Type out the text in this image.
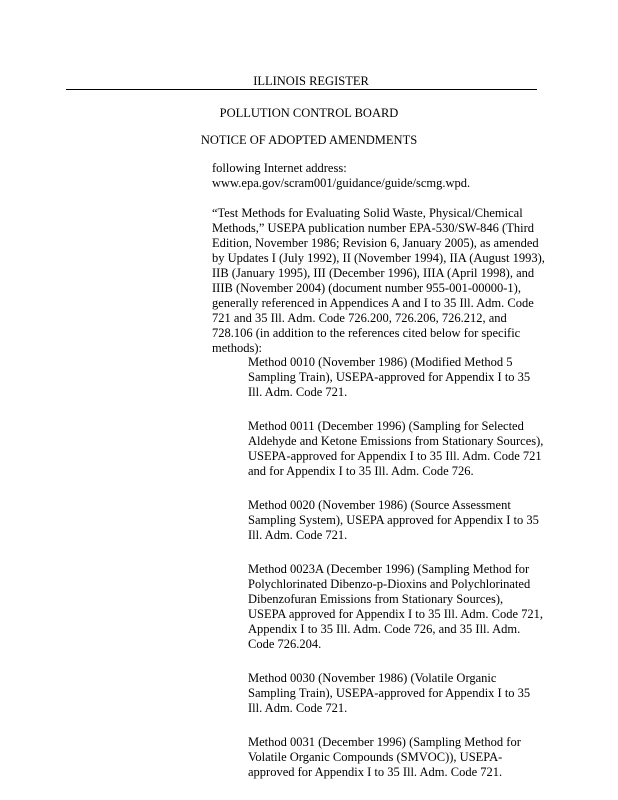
ILLINOIS REGISTER
POLLUTION CONTROL BOARD
NOTICE OF ADOPTED AMENDMENTS
following Internet address:
www.epa.gov/scram001/guidance/guide/scmg.wpd.
“Test Methods for Evaluating Solid Waste, Physical/Chemical
Methods,” USEPA publication number EPA-530/SW-846 (Third
Edition, November 1986; Revision 6, January 2005), as amended
by Updates I (July 1992), II (November 1994), IIA (August 1993),
IIB (January 1995), III (December 1996), IIIA (April 1998), and
IIIB (November 2004) (document number 955-001-00000-1),
generally referenced in Appendices A and I to 35 Ill. Adm. Code
721 and 35 Ill. Adm. Code 726.200, 726.206, 726.212, and
728.106 (in addition to the references cited below for specific
methods):
Method 0010 (November 1986) (Modified Method 5
Sampling Train), USEPA-approved for Appendix I to 35
Ill. Adm. Code 721.
Method 0011 (December 1996) (Sampling for Selected
Aldehyde and Ketone Emissions from Stationary Sources),
USEPA-approved for Appendix I to 35 Ill. Adm. Code 721
and for Appendix I to 35 Ill. Adm. Code 726.
Method 0020 (November 1986) (Source Assessment
Sampling System), USEPA approved for Appendix I to 35
Ill. Adm. Code 721.
Method 0023A (December 1996) (Sampling Method for
Polychlorinated Dibenzo-p-Dioxins and Polychlorinated
Dibenzofuran Emissions from Stationary Sources),
USEPA approved for Appendix I to 35 Ill. Adm. Code 721,
Appendix I to 35 Ill. Adm. Code 726, and 35 Ill. Adm.
Code 726.204.
Method 0030 (November 1986) (Volatile Organic
Sampling Train), USEPA-approved for Appendix I to 35
Ill. Adm. Code 721.
Method 0031 (December 1996) (Sampling Method for
Volatile Organic Compounds (SMVOC)), USEPA-
approved for Appendix I to 35 Ill. Adm. Code 721.
